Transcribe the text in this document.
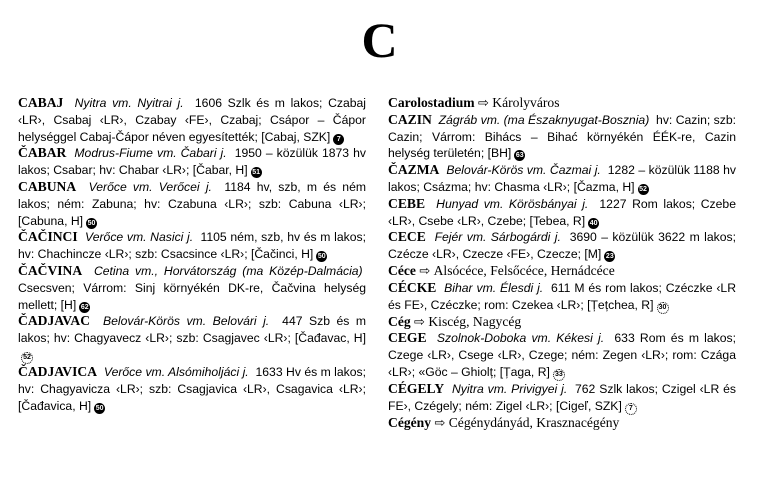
C

CABAJ Nyitra vm. Nyitrai j. 1606 Szlk és m lakos; Czabaj ‹LR›, Csabaj ‹LR›, Czabay ‹FE›, Czabaj; Csápor – Čápor helységgel Cabaj-Čápor néven egyesítették; [Cabaj, SZK] 7

ČABAR Modrus-Fiume vm. Čabari j. 1950 – közülük 1873 hv lakos; Csabar; hv: Chabar ‹LR›; [Čabar, H] 51

CABUNA Verőce vm. Verőcei j. 1184 hv, szb, m és ném lakos; ném: Zabuna; hv: Czabuna ‹LR›; szb: Cabuna ‹LR›; [Cabuna, H] 50

ČAČINCI Verőce vm. Nasici j. 1105 ném, szb, hv és m lakos; hv: Chachincze ‹LR›; szb: Csacsince ‹LR›; [Čačinci, H] 50

ČAČVINA Cetina vm., Horvátország (ma Közép-Dalmácia)  Csecsven; Várrom: Sinj környékén DK-re, Čačvina helység mellett; [H] 62

ČADJAVAC Belovár-Körös vm. Belovári j. 447 Szb és m lakos; hv: Chagyavecz ‹LR›; szb: Csagjavec ‹LR›; [Čađavac, H]52

ČADJAVICA Verőce vm. Alsómiholjáci j. 1633 Hv és m lakos; hv: Chagyavicza ‹LR›; szb: Csagjavica ‹LR›, Csagavica ‹LR›; [Čađavica, H] 50

Carolostadium ⇨ Károlyváros

CAZIN Zágráb vm. (ma Északnyugat-Bosznia) hv: Cazin; szb: Cazin; Várrom: Bihács – Bihać környékén ÉÉK-re, Cazin helység területén; [BH] 63

ČAZMA Belovár-Körös vm. Čazmai j. 1282 – közülük 1188 hv lakos; Csázma; hv: Chasma ‹LR›; [Čazma, H] 52

CEBE Hunyad vm. Körösbányai j. 1227 Rom lakos; Czebe ‹LR›, Csebe ‹LR›, Czebe; [Tebea, R] 40

CECE Fejér vm. Sárbogárdi j. 3690 – közülük 3622 m lakos; Czécze ‹LR›, Czecze ‹FE›, Czecze; [M] 23

Céce ⇨ Alsócéce, Felsőcéce, Hernádcéce

CÉCKE Bihar vm. Élesdi j. 611 M és rom lakos; Czéczke ‹LR és FE›, Czéczke; rom: Czekea ‹LR›; [Țețchea, R] 30

Cég ⇨ Kiscég, Nagycég

CEGE Szolnok-Doboka vm. Kékesi j. 633 Rom és m lakos; Czege ‹LR›, Csege ‹LR›, Czege; ném: Zegen ‹LR›; rom: Czága ‹LR›; «Göc – Ghiolț; [Țaga, R] 33

CÉGELY Nyitra vm. Privigyei j. 762 Szlk lakos; Czigel ‹LR és FE›, Czégely; ném: Zigel ‹LR›; [Cigeľ, SZK] 7

Cégény ⇨ Cégénydányád, Krasznacégény
